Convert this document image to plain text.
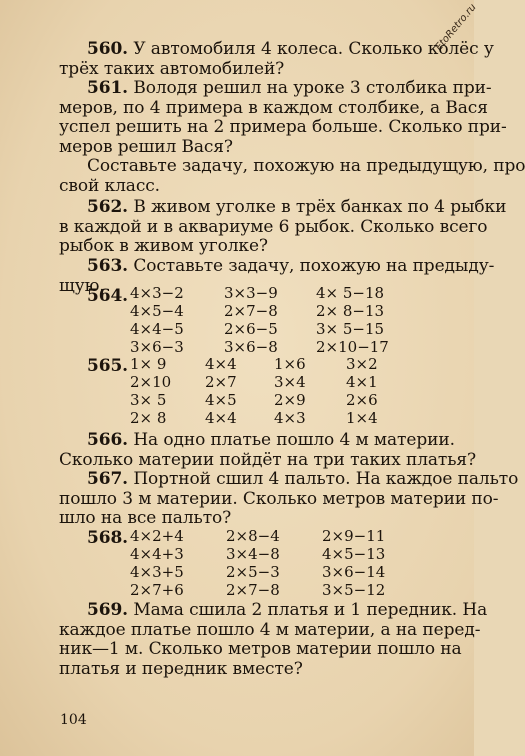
EtoRetro.ru
560. У автомобиля 4 колеса. Сколько колёс у
трёх таких автомобилей?
561. Володя решил на уроке 3 столбика при-
меров, по 4 примера в каждом столбике, а Вася
успел решить на 2 примера больше. Сколько при-
меров решил Вася?
Составьте задачу, похожую на предыдущую, про
свой класс.
562. В живом уголке в трёх банках по 4 рыбки
в каждой и в аквариуме 6 рыбок. Сколько всего
рыбок в живом уголке?
563. Составьте задачу, похожую на предыду-
щую.
564. 4×3−2
4×5−4
4×4−5
3×6−3
3×3−9
2×7−8
2×6−5
3×6−8
4× 5−18
2× 8−13
3× 5−15
2×10−17
565. 1× 9
2×10
3× 5
2× 8
4×4
2×7
4×5
4×4
1×6
3×4
2×9
4×3
3×2
4×1
2×6
1×4
566. На одно платье пошло 4 м материи.
Сколько материи пойдёт на три таких платья?
567. Портной сшил 4 пальто. На каждое пальто
пошло 3 м материи. Сколько метров материи по-
шло на все пальто?
568. 4×2+4
4×4+3
4×3+5
2×7+6
2×8−4
3×4−8
2×5−3
2×7−8
2×9−11
4×5−13
3×6−14
3×5−12
569. Мама сшила 2 платья и 1 передник. На
каждое платье пошло 4 м материи, а на перед-
ник—1 м. Сколько метров материи пошло на
платья и передник вместе?
104
